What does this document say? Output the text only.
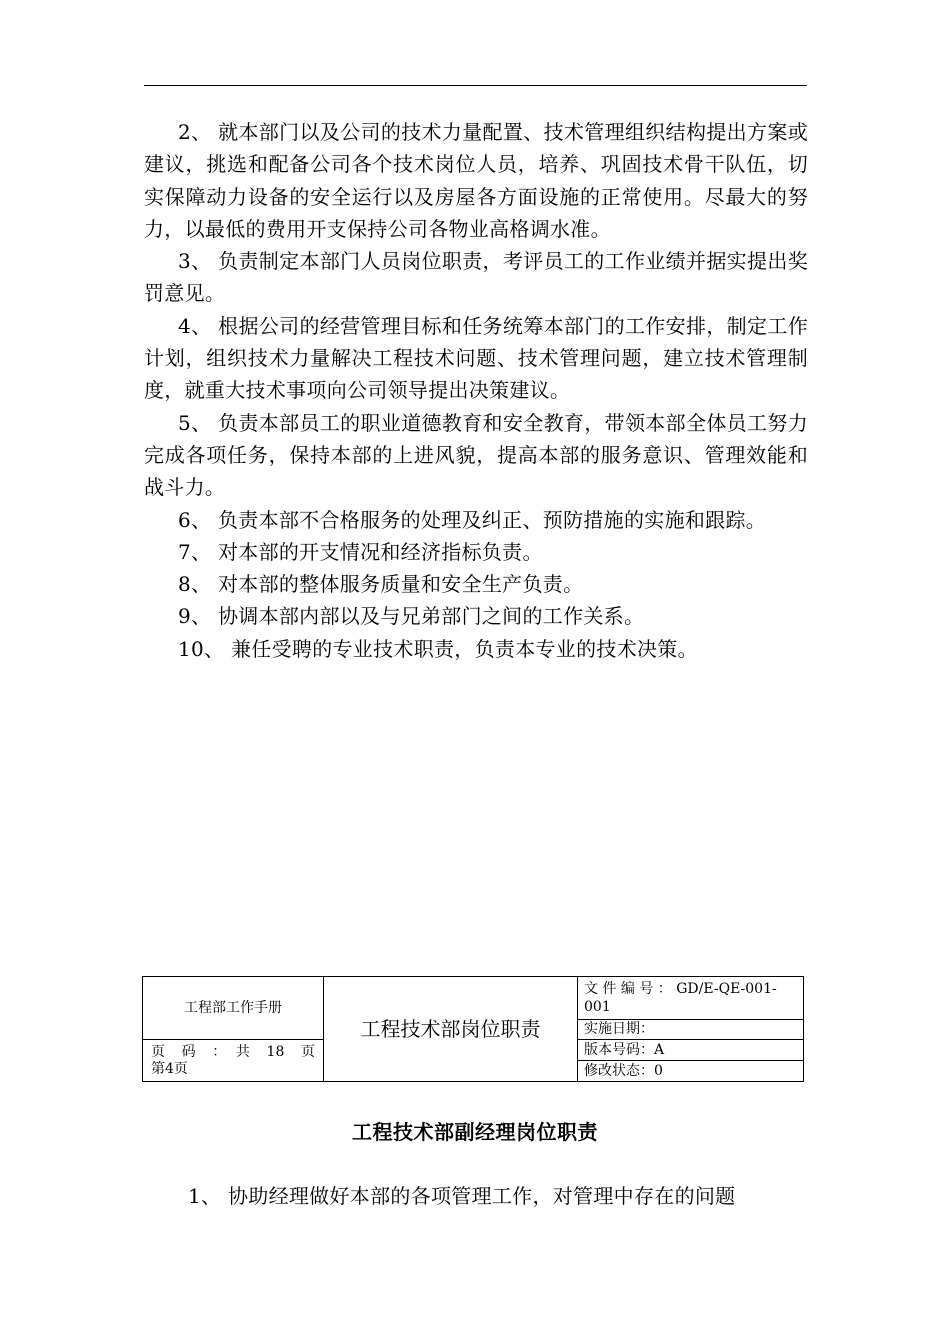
2、 就本部门以及公司的技术力量配置、技术管理组织结构提出方案或建议，挑选和配备公司各个技术岗位人员，培养、巩固技术骨干队伍，切实保障动力设备的安全运行以及房屋各方面设施的正常使用。尽最大的努力，以最低的费用开支保持公司各物业高格调水准。

3、 负责制定本部门人员岗位职责，考评员工的工作业绩并据实提出奖罚意见。

4、 根据公司的经营管理目标和任务统筹本部门的工作安排，制定工作计划，组织技术力量解决工程技术问题、技术管理问题，建立技术管理制度，就重大技术事项向公司领导提出决策建议。

5、 负责本部员工的职业道德教育和安全教育，带领本部全体员工努力完成各项任务，保持本部的上进风貌，提高本部的服务意识、管理效能和战斗力。

6、 负责本部不合格服务的处理及纠正、预防措施的实施和跟踪。

7、 对本部的开支情况和经济指标负责。

8、 对本部的整体服务质量和安全生产负责。

9、 协调本部内部以及与兄弟部门之间的工作关系。

10、 兼任受聘的专业技术职责，负责本专业的技术决策。

工程部工作手册	工程技术部岗位职责	文 件 编 号 ： GD/E-QE-001-001
		实施日期：

页　码　：　共　18　页
第4页		版本号码：A
		修改状态：0
工程技术部副经理岗位职责
1、 协助经理做好本部的各项管理工作，对管理中存在的问题
